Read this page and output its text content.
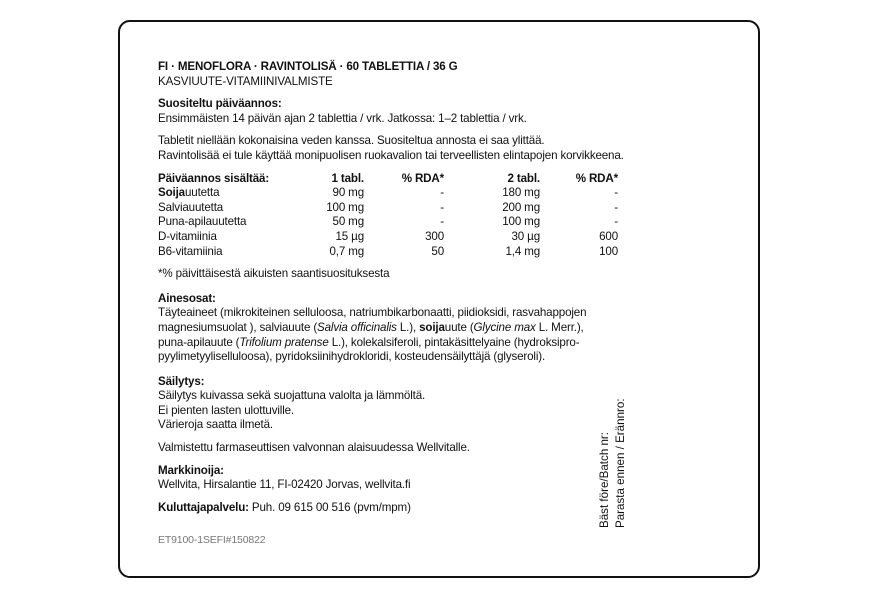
FI · MENOFLORA · RAVINTOLISÄ · 60 TABLETTIA / 36 G

KASVIUUTE-VITAMIINIVALMISTE

Suositeltu päiväannos:

Ensimmäisten 14 päivän ajan 2 tablettia / vrk. Jatkossa: 1–2 tablettia / vrk.

Tabletit niellään kokonaisina veden kanssa. Suositeltua annosta ei saa ylittää.

Ravintolisää ei tule käyttää monipuolisen ruokavalion tai terveellisten elintapojen korvikkeena.

Päiväannos sisältää:	1 tabl.	% RDA*	2 tabl.	% RDA*
Soijauutetta	90 mg	-	180 mg	-
Salviauutetta	100 mg	-	200 mg	-
Puna-apilauutetta	50 mg	-	100 mg	-
D-vitamiinia	15 µg	300	30 µg	600
B6-vitamiinia	0,7 mg	50	1,4 mg	100

*% päivittäisestä aikuisten saantisuosituksesta

Ainesosat:

Täyteaineet (mikrokiteinen selluloosa, natriumbikarbonaatti, piidioksidi, rasvahappojen
magnesiumsuolat ), salviauute (Salvia officinalis L.), soijauute (Glycine max L. Merr.),
puna-apilauute (Trifolium pratense L.), kolekalsiferoli, pintakäsittelyaine (hydroksipro-
pyylimetyyliselluloosa), pyridoksiinihydrokloridi, kosteudensäilyttäjä (glyseroli).

Säilytys:

Säilytys kuivassa sekä suojattuna valolta ja lämmöltä.

Ei pienten lasten ulottuville.

Värieroja saatta ilmetä.

Valmistettu farmaseuttisen valvonnan alaisuudessa Wellvitalle.

Markkinoija:

Wellvita, Hirsalantie 11, FI-02420 Jorvas, wellvita.fi

Kuluttajapalvelu: Puh. 09 615 00 516 (pvm/mpm)

ET9100-1SEFI#150822

Bäst före/Batch nr: Parasta ennen / Erännro:
